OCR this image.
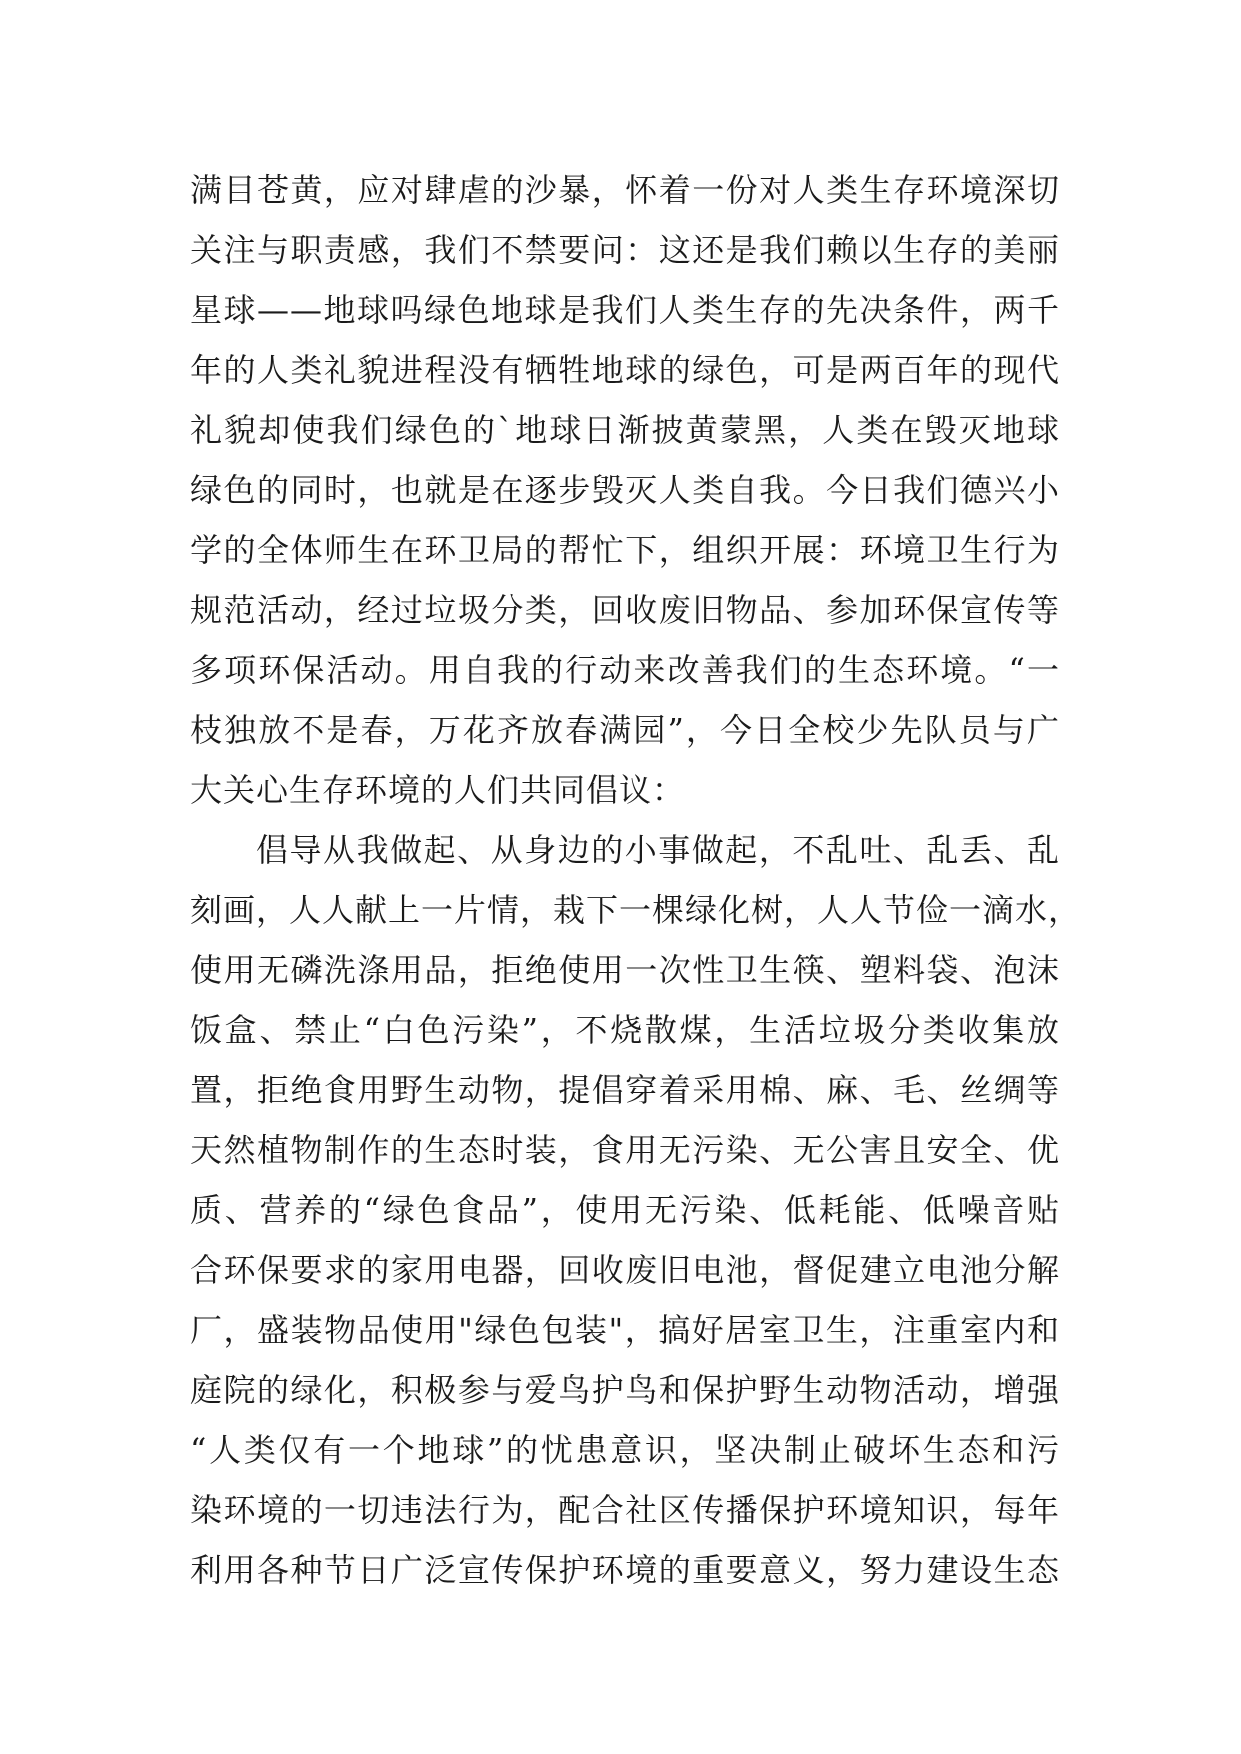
满目苍黄，应对肆虐的沙暴，怀着一份对人类生存环境深切
关注与职责感，我们不禁要问：这还是我们赖以生存的美丽
星球——地球吗绿色地球是我们人类生存的先决条件，两千
年的人类礼貌进程没有牺牲地球的绿色，可是两百年的现代
礼貌却使我们绿色的`地球日渐披黄蒙黑，人类在毁灭地球
绿色的同时，也就是在逐步毁灭人类自我。今日我们德兴小
学的全体师生在环卫局的帮忙下，组织开展：环境卫生行为
规范活动，经过垃圾分类，回收废旧物品、参加环保宣传等
多项环保活动。用自我的行动来改善我们的生态环境。“一
枝独放不是春，万花齐放春满园”，今日全校少先队员与广
大关心生存环境的人们共同倡议：
倡导从我做起、从身边的小事做起，不乱吐、乱丢、乱
刻画，人人献上一片情，栽下一棵绿化树，人人节俭一滴水，
使用无磷洗涤用品，拒绝使用一次性卫生筷、塑料袋、泡沫
饭盒、禁止“白色污染”，不烧散煤，生活垃圾分类收集放
置，拒绝食用野生动物，提倡穿着采用棉、麻、毛、丝绸等
天然植物制作的生态时装，食用无污染、无公害且安全、优
质、营养的“绿色食品”，使用无污染、低耗能、低噪音贴
合环保要求的家用电器，回收废旧电池，督促建立电池分解
厂，盛装物品使用"绿色包装"，搞好居室卫生，注重室内和
庭院的绿化，积极参与爱鸟护鸟和保护野生动物活动，增强
“人类仅有一个地球”的忧患意识，坚决制止破坏生态和污
染环境的一切违法行为，配合社区传播保护环境知识，每年
利用各种节日广泛宣传保护环境的重要意义，努力建设生态
